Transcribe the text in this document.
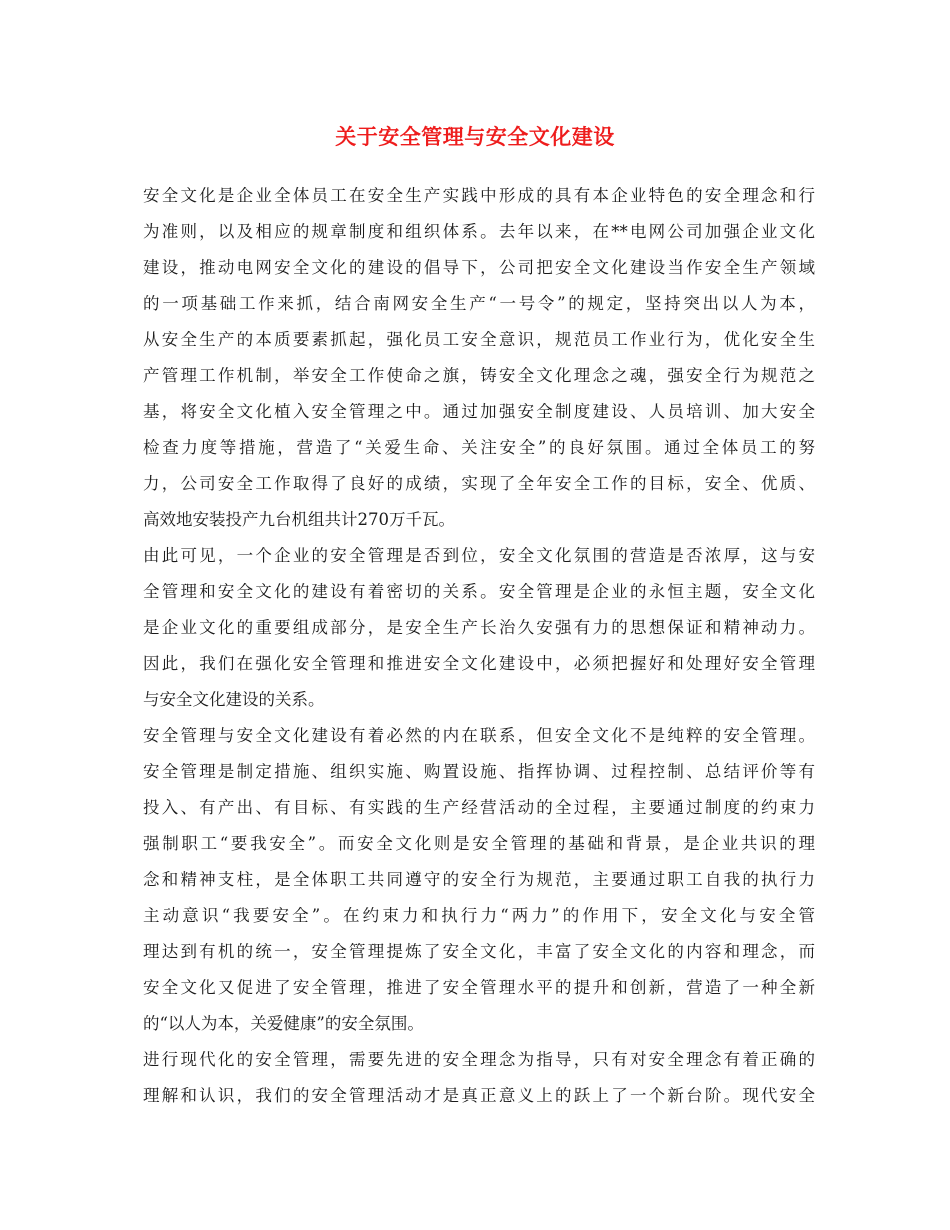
关于安全管理与安全文化建设
安全文化是企业全体员工在安全生产实践中形成的具有本企业特色的安全理念和行
为准则，以及相应的规章制度和组织体系。去年以来，在**电网公司加强企业文化
建设，推动电网安全文化的建设的倡导下，公司把安全文化建设当作安全生产领域
的一项基础工作来抓，结合南网安全生产“一号令”的规定，坚持突出以人为本，
从安全生产的本质要素抓起，强化员工安全意识，规范员工作业行为，优化安全生
产管理工作机制，举安全工作使命之旗，铸安全文化理念之魂，强安全行为规范之
基，将安全文化植入安全管理之中。通过加强安全制度建设、人员培训、加大安全
检查力度等措施，营造了“关爱生命、关注安全”的良好氛围。通过全体员工的努
力，公司安全工作取得了良好的成绩，实现了全年安全工作的目标，安全、优质、
高效地安装投产九台机组共计270万千瓦。
由此可见，一个企业的安全管理是否到位，安全文化氛围的营造是否浓厚，这与安
全管理和安全文化的建设有着密切的关系。安全管理是企业的永恒主题，安全文化
是企业文化的重要组成部分，是安全生产长治久安强有力的思想保证和精神动力。
因此，我们在强化安全管理和推进安全文化建设中，必须把握好和处理好安全管理
与安全文化建设的关系。
安全管理与安全文化建设有着必然的内在联系，但安全文化不是纯粹的安全管理。
安全管理是制定措施、组织实施、购置设施、指挥协调、过程控制、总结评价等有
投入、有产出、有目标、有实践的生产经营活动的全过程，主要通过制度的约束力
强制职工“要我安全”。而安全文化则是安全管理的基础和背景，是企业共识的理
念和精神支柱，是全体职工共同遵守的安全行为规范，主要通过职工自我的执行力
主动意识“我要安全”。在约束力和执行力“两力”的作用下，安全文化与安全管
理达到有机的统一，安全管理提炼了安全文化，丰富了安全文化的内容和理念，而
安全文化又促进了安全管理，推进了安全管理水平的提升和创新，营造了一种全新
的“以人为本，关爱健康”的安全氛围。
进行现代化的安全管理，需要先进的安全理念为指导，只有对安全理念有着正确的
理解和认识，我们的安全管理活动才是真正意义上的跃上了一个新台阶。现代安全
